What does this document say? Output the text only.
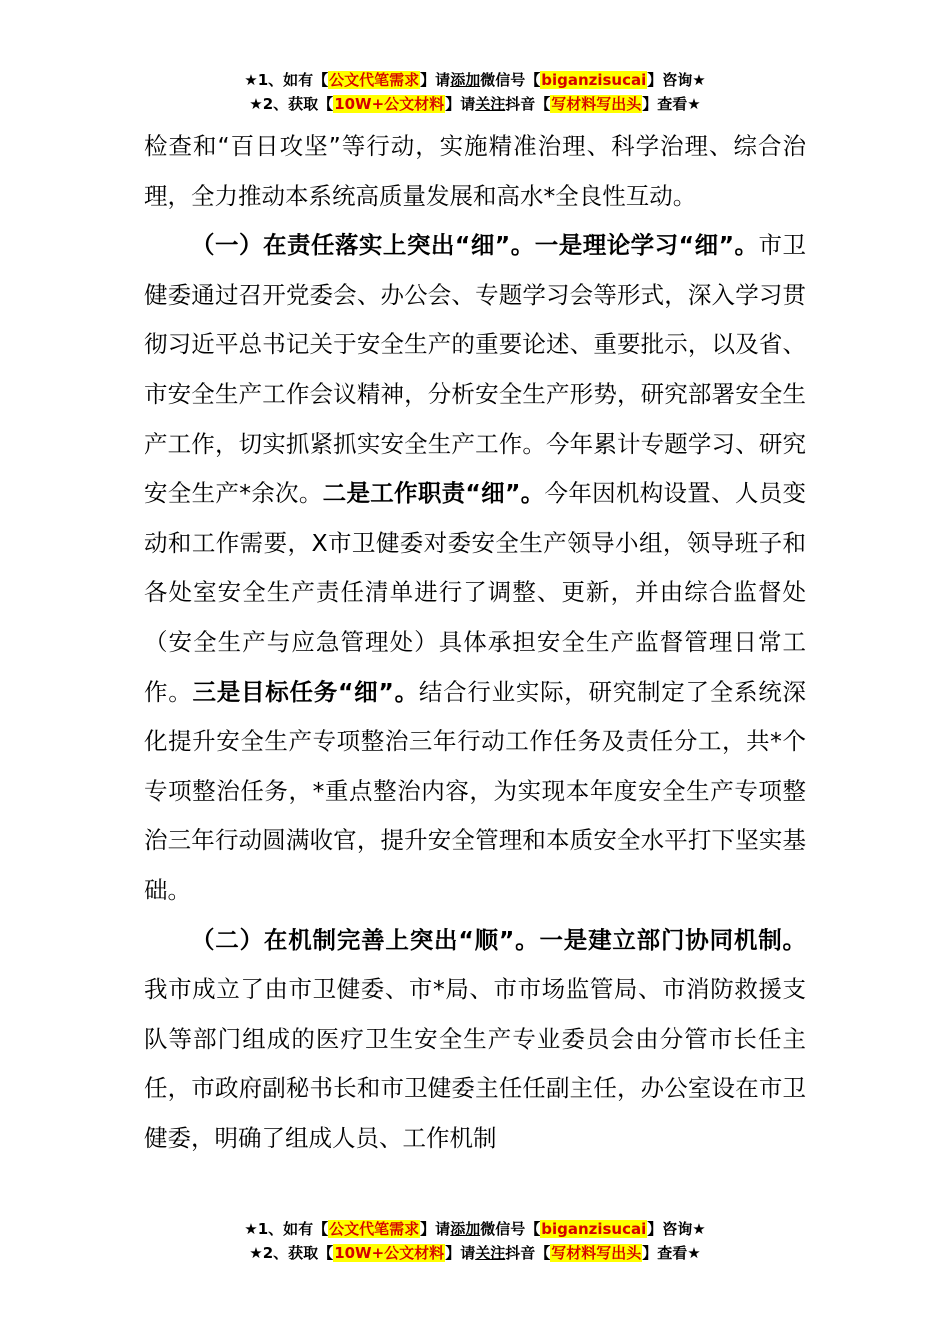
★1、如有【公文代笔需求】请添加微信号【biganzisucai】咨询★
★2、获取【10W+公文材料】请关注抖音【写材料写出头】查看★

检查和“百日攻坚”等行动，实施精准治理、科学治理、综合治理，全力推动本系统高质量发展和高水*全良性互动。

（一）在责任落实上突出“细”。一是理论学习“细”。市卫健委通过召开党委会、办公会、专题学习会等形式，深入学习贯彻习近平总书记关于安全生产的重要论述、重要批示，以及省、市安全生产工作会议精神，分析安全生产形势，研究部署安全生产工作，切实抓紧抓实安全生产工作。今年累计专题学习、研究安全生产*余次。二是工作职责“细”。今年因机构设置、人员变动和工作需要，X市卫健委对委安全生产领导小组，领导班子和各处室安全生产责任清单进行了调整、更新，并由综合监督处（安全生产与应急管理处）具体承担安全生产监督管理日常工作。三是目标任务“细”。结合行业实际，研究制定了全系统深化提升安全生产专项整治三年行动工作任务及责任分工，共*个专项整治任务，*重点整治内容，为实现本年度安全生产专项整治三年行动圆满收官，提升安全管理和本质安全水平打下坚实基础。

（二）在机制完善上突出“顺”。一是建立部门协同机制。我市成立了由市卫健委、市*局、市市场监管局、市消防救援支队等部门组成的医疗卫生安全生产专业委员会由分管市长任主任，市政府副秘书长和市卫健委主任任副主任，办公室设在市卫健委，明确了组成人员、工作机制

★1、如有【公文代笔需求】请添加微信号【biganzisucai】咨询★
★2、获取【10W+公文材料】请关注抖音【写材料写出头】查看★
